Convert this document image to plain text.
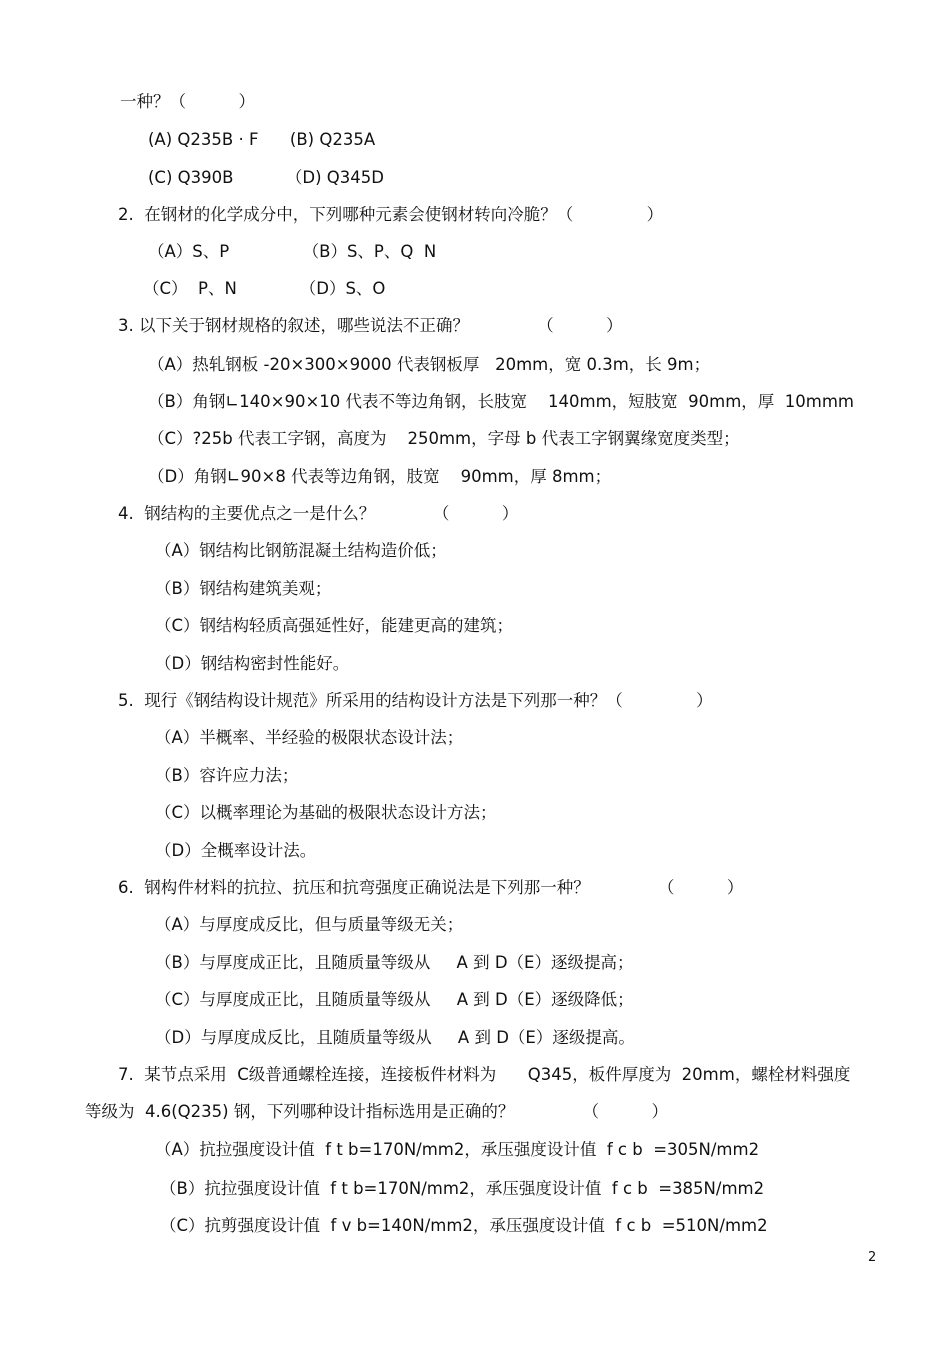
一种？（          ）
(A) Q235B · F      (B) Q235A
(C) Q390B          （D) Q345D
2.  在钢材的化学成分中，下列哪种元素会使钢材转向冷脆？（              ）
（A）S、P              （B）S、P、Q  N
（C）  P、N            （D）S、O
3. 以下关于钢材规格的叙述，哪些说法不正确？             （          ）
（A）热轧钢板 -20×300×9000 代表钢板厚   20mm，宽 0.3m，长 9m；
（B）角钢∟140×90×10 代表不等边角钢，长肢宽    140mm，短肢宽  90mm，厚  10mmm
（C）?25b 代表工字钢，高度为    250mm，字母 b 代表工字钢翼缘宽度类型；
（D）角钢∟90×8 代表等边角钢，肢宽    90mm，厚 8mm；
4.  钢结构的主要优点之一是什么？           （          ）
（A）钢结构比钢筋混凝土结构造价低；
（B）钢结构建筑美观；
（C）钢结构轻质高强延性好，能建更高的建筑；
（D）钢结构密封性能好。
5.  现行《钢结构设计规范》所采用的结构设计方法是下列那一种？（              ）
（A）半概率、半经验的极限状态设计法；
（B）容许应力法；
（C）以概率理论为基础的极限状态设计方法；
（D）全概率设计法。
6.  钢构件材料的抗拉、抗压和抗弯强度正确说法是下列那一种？             （          ）
（A）与厚度成反比，但与质量等级无关；
（B）与厚度成正比，且随质量等级从     A 到 D（E）逐级提高；
（C）与厚度成正比，且随质量等级从     A 到 D（E）逐级降低；
（D）与厚度成反比，且随质量等级从     A 到 D（E）逐级提高。
7.  某节点采用  C级普通螺栓连接，连接板件材料为      Q345，板件厚度为  20mm，螺栓材料强度
等级为  4.6(Q235) 钢，下列哪种设计指标选用是正确的？             （          ）
（A）抗拉强度设计值  f t b=170N/mm2，承压强度设计值  f c b  =305N/mm2
（B）抗拉强度设计值  f t b=170N/mm2，承压强度设计值  f c b  =385N/mm2
（C）抗剪强度设计值  f v b=140N/mm2，承压强度设计值  f c b  =510N/mm2
2
